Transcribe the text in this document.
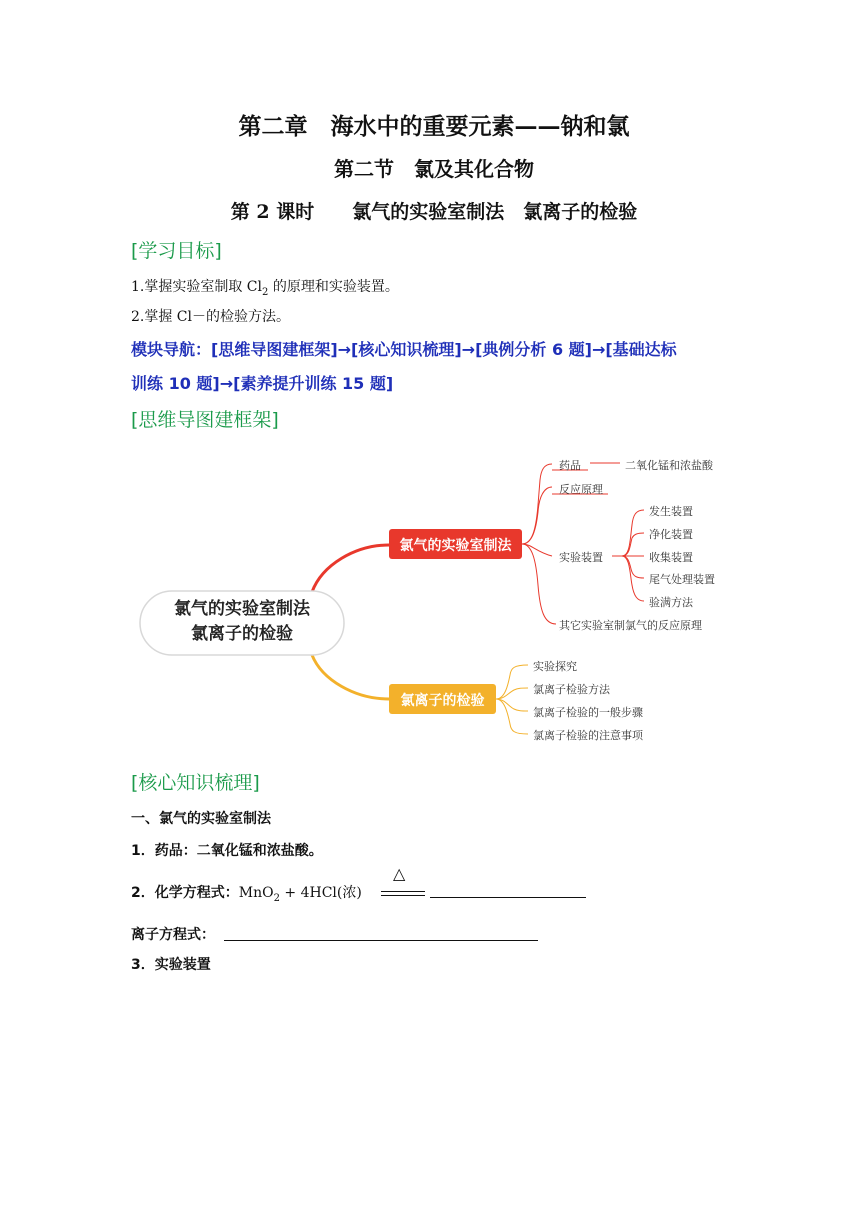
第二章　海水中的重要元素——钠和氯
第二节　氯及其化合物
第 2 课时　　氯气的实验室制法　氯离子的检验
[学习目标]
1.掌握实验室制取 $Cl_2$ 的原理和实验装置。
2.掌握 Cl－的检验方法。
模块导航：[思维导图建框架]→[核心知识梳理]→[典例分析 6 题]→[基础达标
训练 10 题]→[素养提升训练 15 题]
[思维导图建框架]
氯气的实验室制法
氯离子的检验
氯气的实验室制法
氯离子的检验
药品	二氧化锰和浓盐酸
反应原理
实验装置
其它实验室制氯气的反应原理
发生装置
净化装置
收集装置
尾气处理装置
验满方法
实验探究
氯离子检验方法
氯离子检验的一般步骤
氯离子检验的注意事项
[核心知识梳理]
一、氯气的实验室制法
1．药品：二氧化锰和浓盐酸。
2．化学方程式：MnO$_2$ + 4HCl(浓)
△
离子方程式：
3．实验装置
